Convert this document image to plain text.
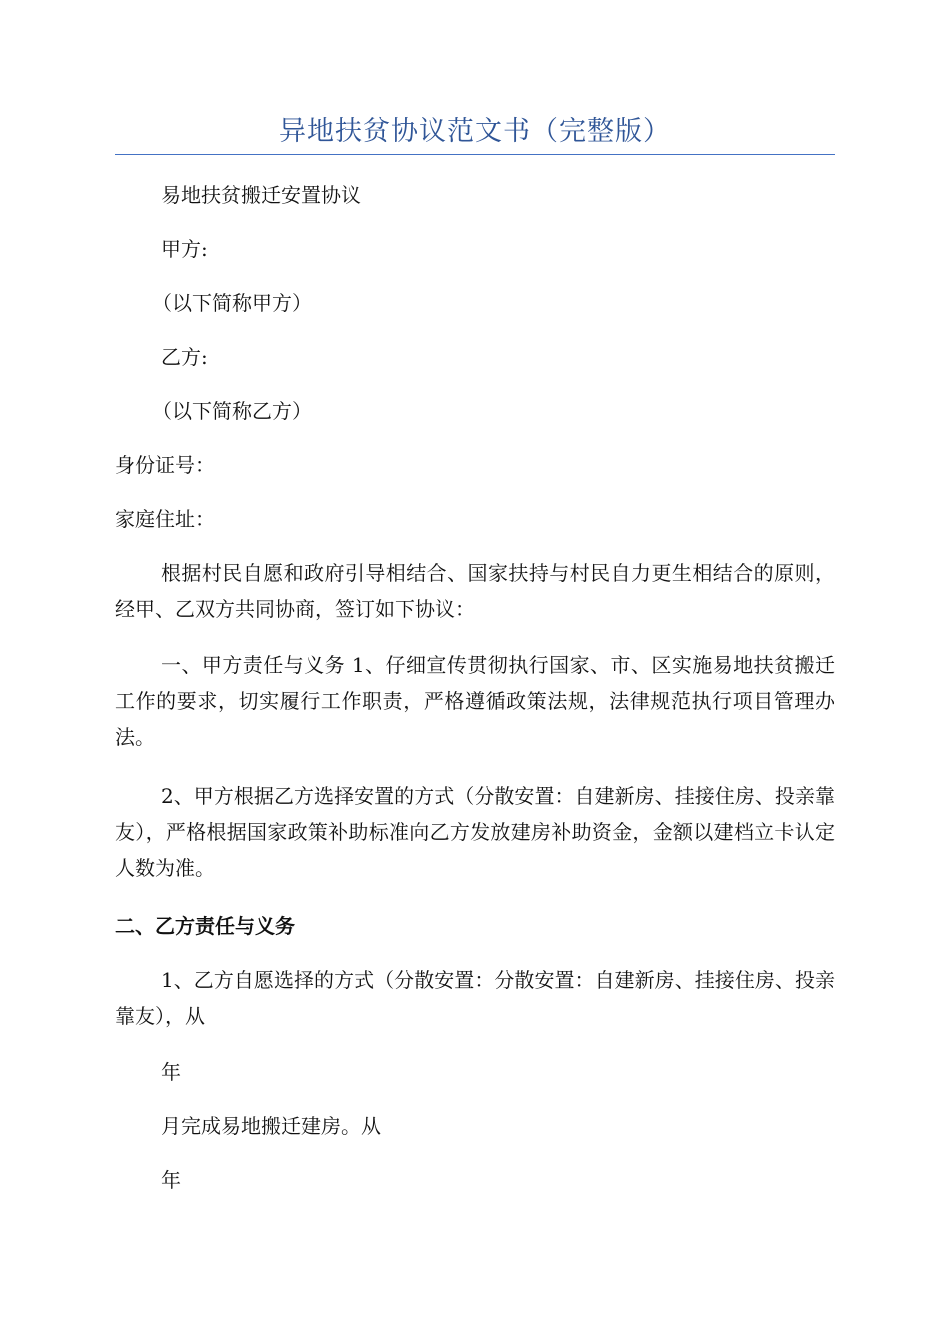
异地扶贫协议范文书（完整版）
易地扶贫搬迁安置协议
甲方:
（以下简称甲方）
乙方:
（以下简称乙方）
身份证号：
家庭住址：
根据村民自愿和政府引导相结合、国家扶持与村民自力更生相结合的原则，经甲、乙双方共同协商，签订如下协议：
一、甲方责任与义务 1、仔细宣传贯彻执行国家、市、区实施易地扶贫搬迁工作的要求，切实履行工作职责，严格遵循政策法规，法律规范执行项目管理办法。
2、甲方根据乙方选择安置的方式（分散安置：自建新房、挂接住房、投亲靠友），严格根据国家政策补助标准向乙方发放建房补助资金，金额以建档立卡认定人数为准。
二、乙方责任与义务
1、乙方自愿选择的方式（分散安置：分散安置：自建新房、挂接住房、投亲靠友），从
年
月完成易地搬迁建房。从
年
